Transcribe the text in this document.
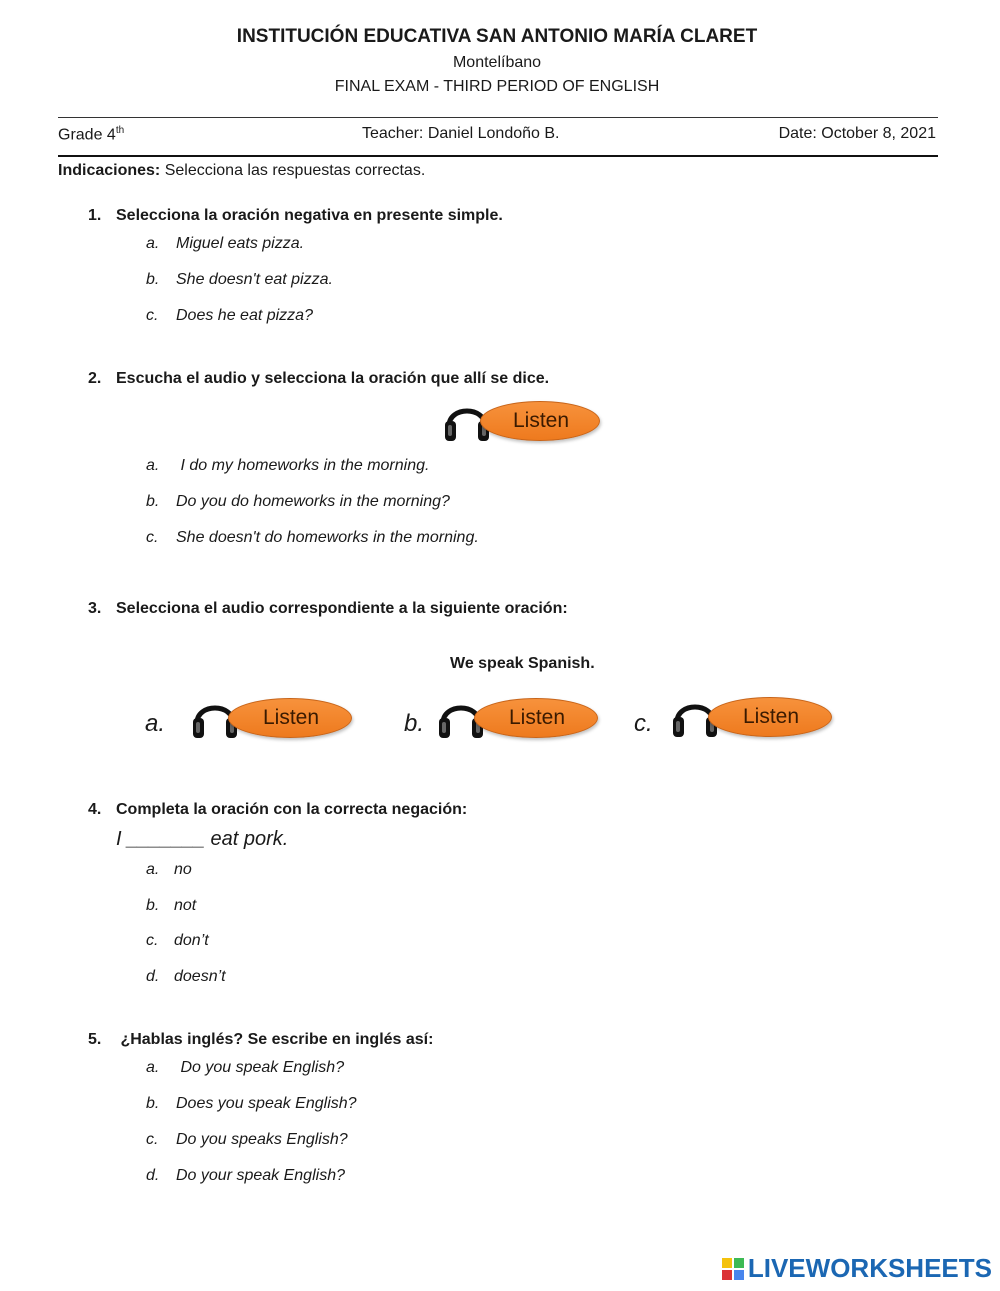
INSTITUCIÓN EDUCATIVA SAN ANTONIO MARÍA CLARET
Montelíbano
FINAL EXAM - THIRD PERIOD OF ENGLISH
Grade 4th	Teacher: Daniel Londoño B.	Date: October 8, 2021
Indicaciones: Selecciona las respuestas correctas.
1. Selecciona la oración negativa en presente simple.
a. Miguel eats pizza.
b. She doesn't eat pizza.
c. Does he eat pizza?
2. Escucha el audio y selecciona la oración que allí se dice.
Listen
a. I do my homeworks in the morning.
b. Do you do homeworks in the morning?
c. She doesn't do homeworks in the morning.
3. Selecciona el audio correspondiente a la siguiente oración:
We speak Spanish.
a.	Listen	b.	Listen	c.	Listen
4. Completa la oración con la correcta negación:
I _______ eat pork.
a. no
b. not
c. don’t
d. doesn’t
5. ¿Hablas inglés? Se escribe en inglés así:
a. Do you speak English?
b. Does you speak English?
c. Do you speaks English?
d. Do your speak English?
LIVEWORKSHEETS
